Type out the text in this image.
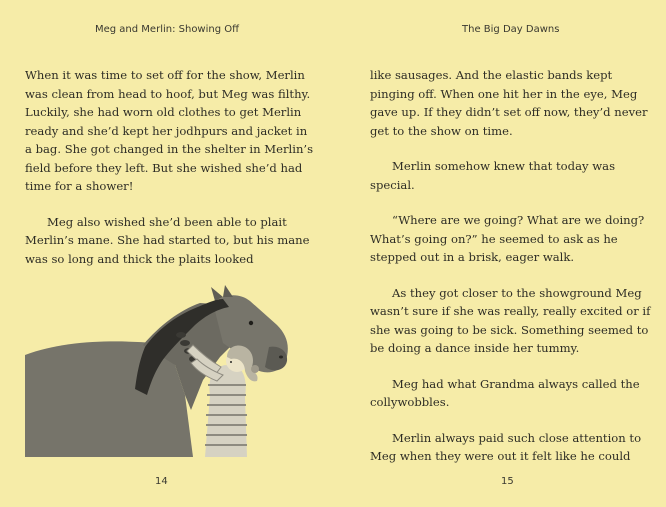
Meg and Merlin: Showing Off

When it was time to set off for the show, Merlin was clean from head to hoof, but Meg was filthy. Luckily, she had worn old clothes to get Merlin ready and she’d kept her jodhpurs and jacket in a bag. She got changed in the shelter in Merlin’s field before they left. But she wished she’d had time for a shower!

Meg also wished she’d been able to plait Merlin’s mane. She had started to, but his mane was so long and thick the plaits looked

14
The Big Day Dawns

like sausages. And the elastic bands kept pinging off. When one hit her in the eye, Meg gave up. If they didn’t set off now, they’d never get to the show on time.

Merlin somehow knew that today was special.

“Where are we going? What are we doing? What’s going on?” he seemed to ask as he stepped out in a brisk, eager walk.

As they got closer to the showground Meg wasn’t sure if she was really, really excited or if she was going to be sick. Something seemed to be doing a dance inside her tummy.

Meg had what Grandma always called the collywobbles.

Merlin always paid such close attention to Meg when they were out it felt like he could

15
